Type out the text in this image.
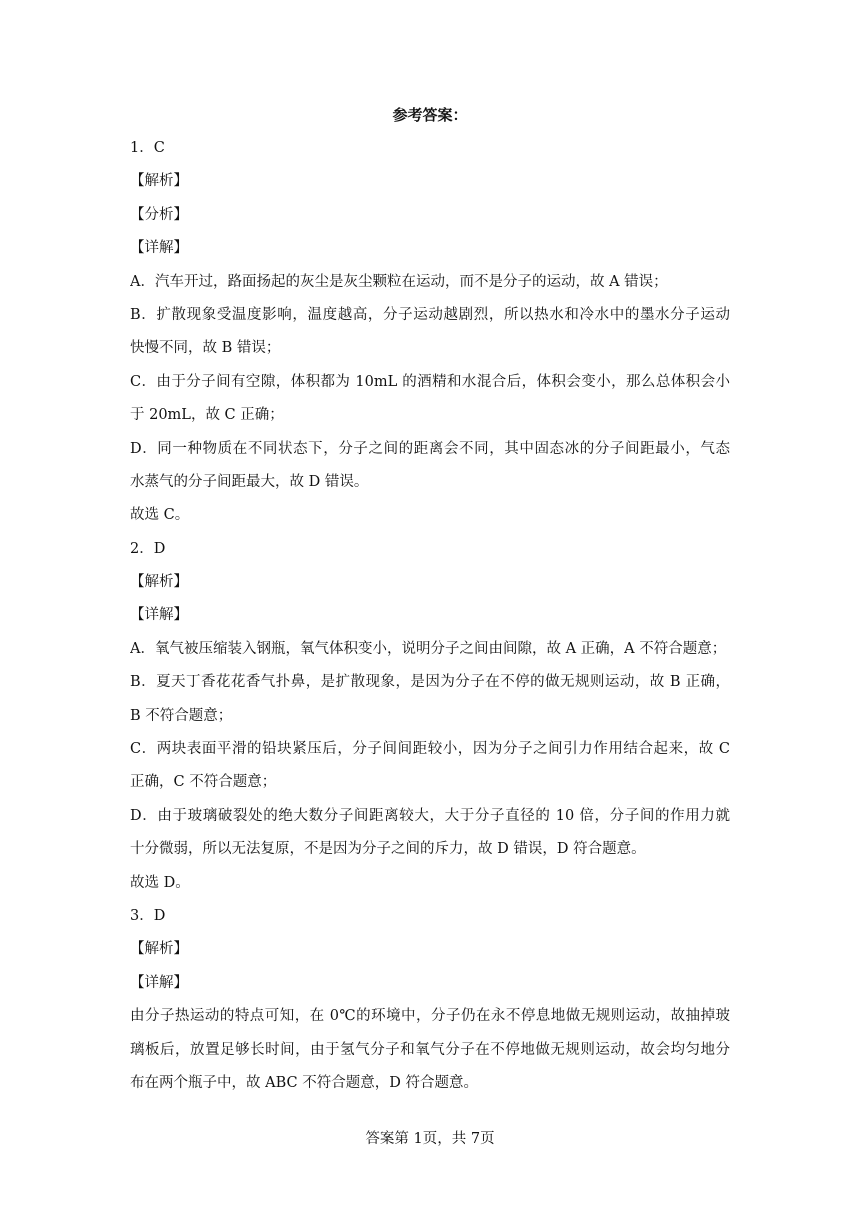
参考答案：
1．C
【解析】
【分析】
【详解】
A．汽车开过，路面扬起的灰尘是灰尘颗粒在运动，而不是分子的运动，故 A 错误；
B．扩散现象受温度影响，温度越高，分子运动越剧烈，所以热水和冷水中的墨水分子运动
快慢不同，故 B 错误；
C．由于分子间有空隙，体积都为 10mL 的酒精和水混合后，体积会变小，那么总体积会小
于 20mL，故 C 正确；
D．同一种物质在不同状态下，分子之间的距离会不同，其中固态冰的分子间距最小，气态
水蒸气的分子间距最大，故 D 错误。
故选 C。
2．D
【解析】
【详解】
A．氧气被压缩装入钢瓶，氧气体积变小，说明分子之间由间隙，故 A 正确，A 不符合题意；
B．夏天丁香花花香气扑鼻，是扩散现象，是因为分子在不停的做无规则运动，故 B 正确，
B 不符合题意；
C．两块表面平滑的铅块紧压后，分子间间距较小，因为分子之间引力作用结合起来，故 C
正确，C 不符合题意；
D．由于玻璃破裂处的绝大数分子间距离较大，大于分子直径的 10 倍，分子间的作用力就
十分微弱，所以无法复原，不是因为分子之间的斥力，故 D 错误，D 符合题意。
故选 D。
3．D
【解析】
【详解】
由分子热运动的特点可知，在 0℃的环境中，分子仍在永不停息地做无规则运动，故抽掉玻
璃板后，放置足够长时间，由于氢气分子和氧气分子在不停地做无规则运动，故会均匀地分
布在两个瓶子中，故 ABC 不符合题意，D 符合题意。
答案第 1页，共 7页
